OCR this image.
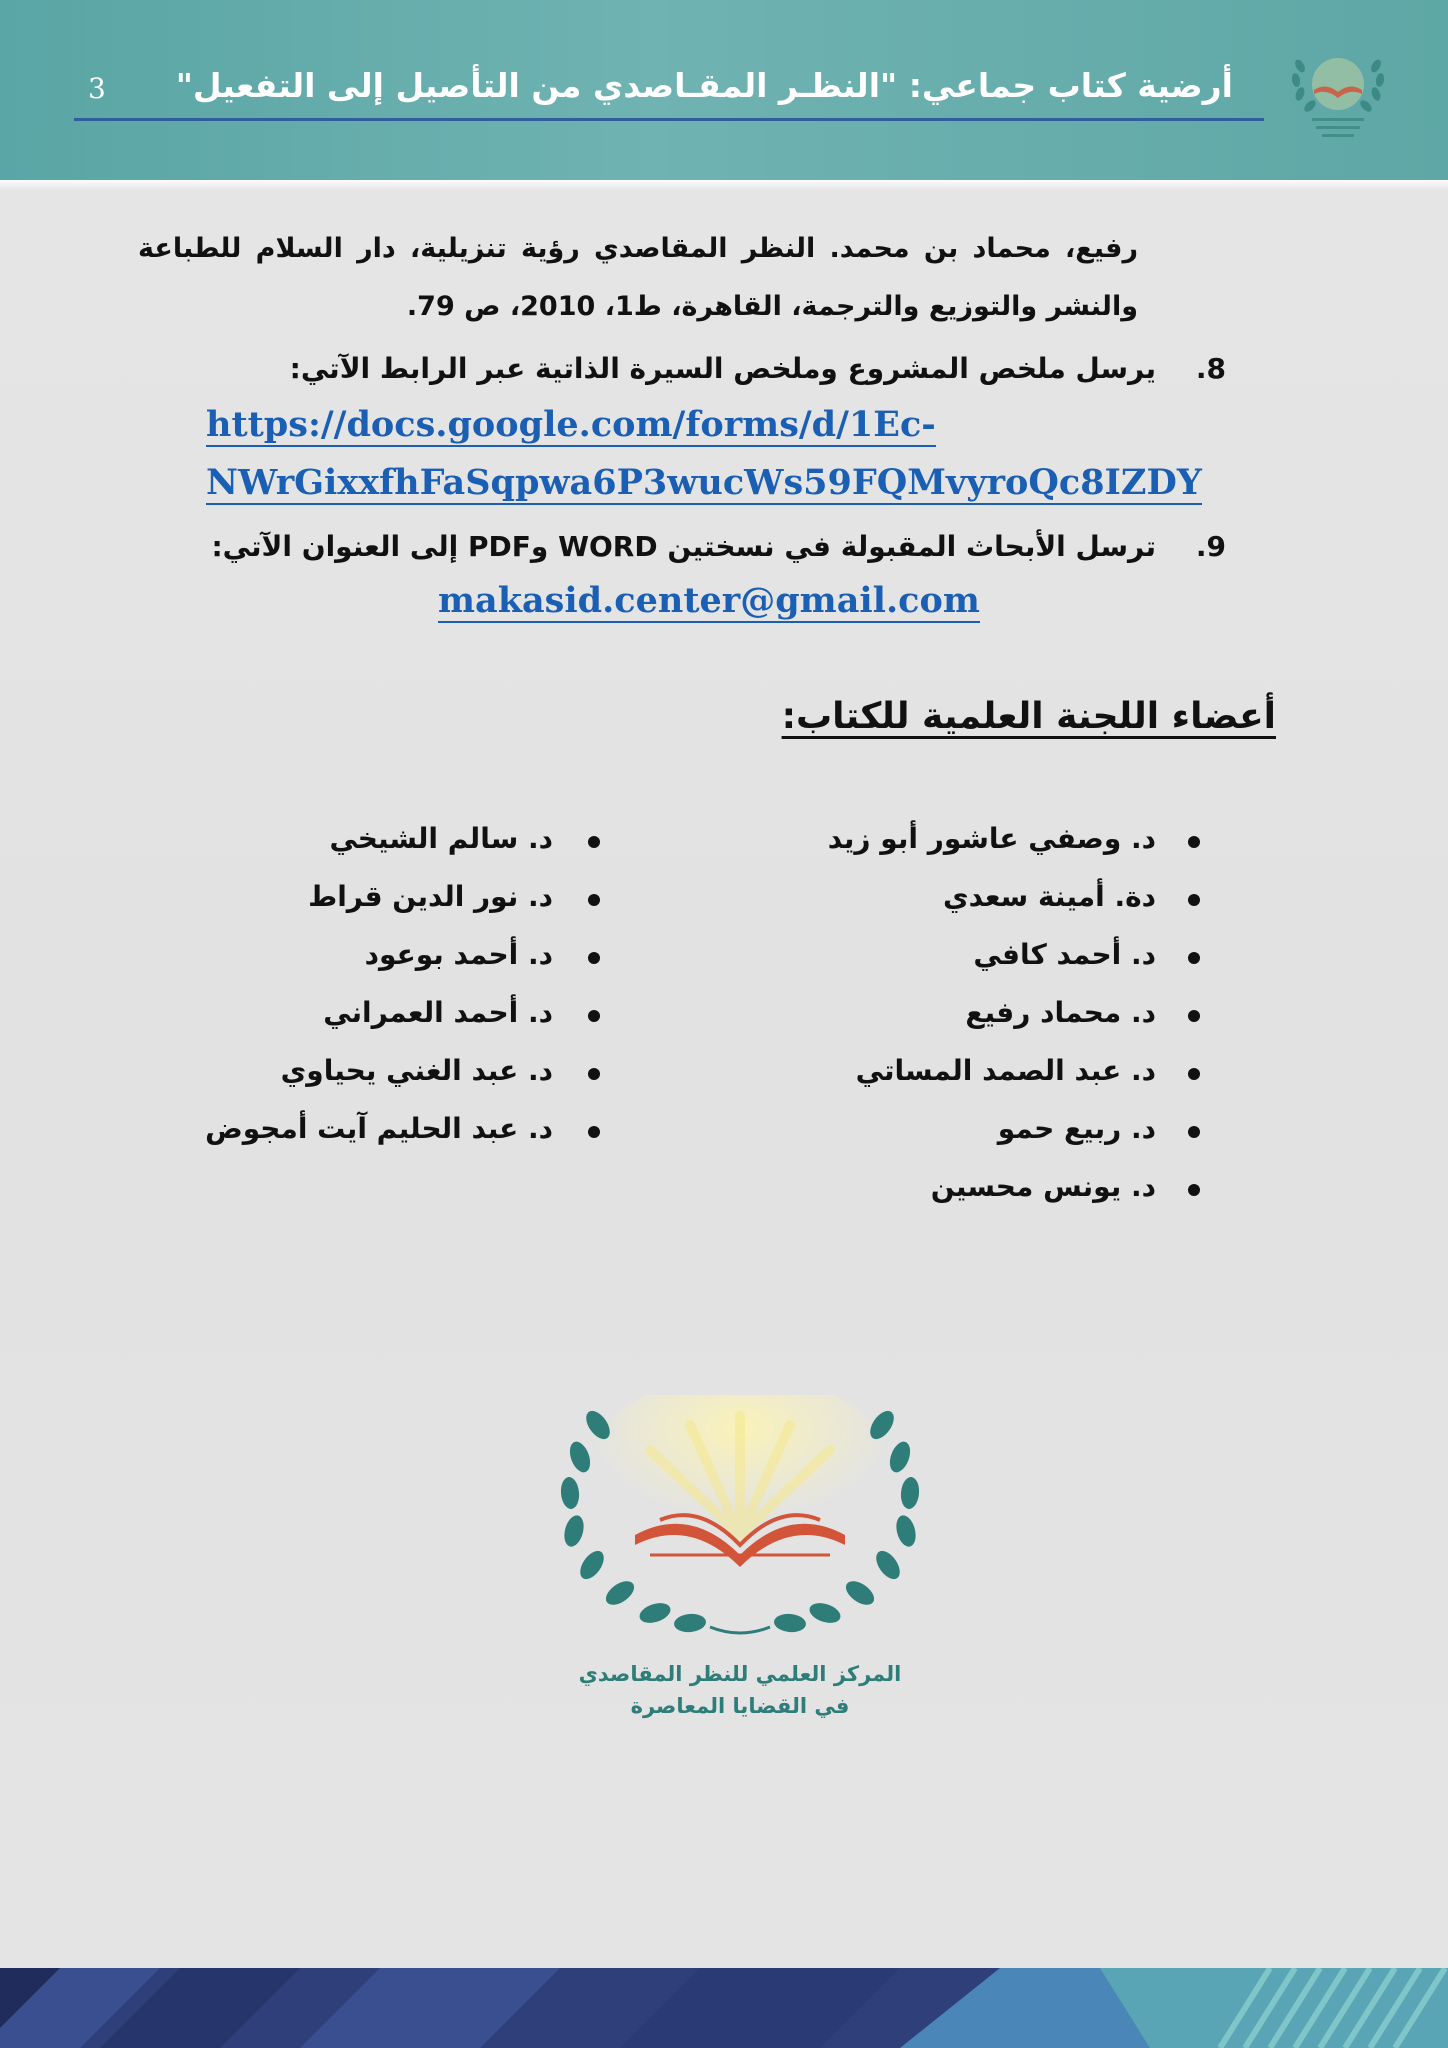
3 أرضية كتاب جماعي: "النظـر المقـاصدي من التأصيل إلى التفعيل"
رفيع، محماد بن محمد. النظر المقاصدي رؤية تنزيلية، دار السلام للطباعة
والنشر والتوزيع والترجمة، القاهرة، ط1، 2010، ص 79.
8.يرسل ملخص المشروع وملخص السيرة الذاتية عبر الرابط الآتي:
https://docs.google.com/forms/d/1Ec-
NWrGixxfhFaSqpwa6P3wucWs59FQMvyroQc8IZDY
9.ترسل الأبحاث المقبولة في نسختين WORD وPDF إلى العنوان الآتي:
makasid.center@gmail.com
أعضاء اللجنة العلمية للكتاب:
د. وصفي عاشور أبو زيد
دة. أمينة سعدي
د. أحمد كافي
د. محماد رفيع
د. عبد الصمد المساتي
د. ربيع حمو
د. يونس محسين
د. سالم الشيخي
د. نور الدين قراط
د. أحمد بوعود
د. أحمد العمراني
د. عبد الغني يحياوي
د. عبد الحليم آيت أمجوض
المركز العلمي للنظر المقاصدي
في القضايا المعاصرة
